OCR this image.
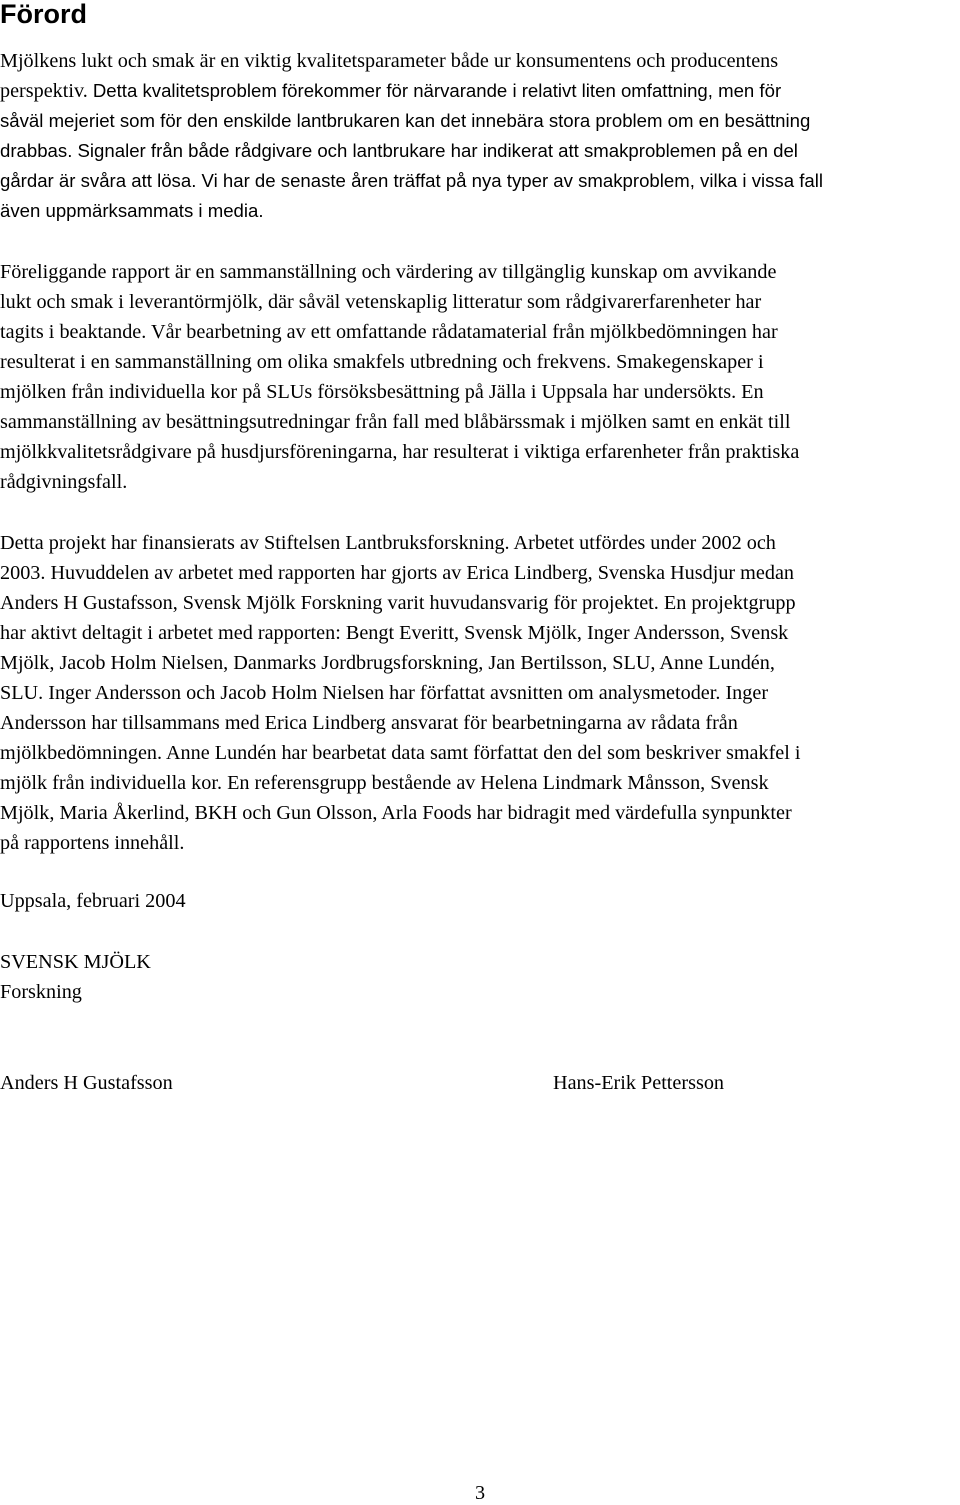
Förord
Mjölkens lukt och smak är en viktig kvalitetsparameter både ur konsumentens och producentens
perspektiv. Detta kvalitetsproblem förekommer för närvarande i relativt liten omfattning, men för
såväl mejeriet som för den enskilde lantbrukaren kan det innebära stora problem om en besättning
drabbas. Signaler från både rådgivare och lantbrukare har indikerat att smakproblemen på en del
gårdar är svåra att lösa. Vi har de senaste åren träffat på nya typer av smakproblem, vilka i vissa fall
även uppmärksammats i media.
Föreliggande rapport är en sammanställning och värdering av tillgänglig kunskap om avvikande
lukt och smak i leverantörmjölk, där såväl vetenskaplig litteratur som rådgivarerfarenheter har
tagits i beaktande. Vår bearbetning av ett omfattande rådatamaterial från mjölkbedömningen har
resulterat i en sammanställning om olika smakfels utbredning och frekvens. Smakegenskaper i
mjölken från individuella kor på SLUs försöksbesättning på Jälla i Uppsala har undersökts. En
sammanställning av besättningsutredningar från fall med blåbärssmak i mjölken samt en enkät till
mjölkkvalitetsrådgivare på husdjursföreningarna, har resulterat i viktiga erfarenheter från praktiska
rådgivningsfall.
Detta projekt har finansierats av Stiftelsen Lantbruksforskning. Arbetet utfördes under 2002 och
2003. Huvuddelen av arbetet med rapporten har gjorts av Erica Lindberg, Svenska Husdjur medan
Anders H Gustafsson, Svensk Mjölk Forskning varit huvudansvarig för projektet. En projektgrupp
har aktivt deltagit i arbetet med rapporten: Bengt Everitt, Svensk Mjölk, Inger Andersson, Svensk
Mjölk, Jacob Holm Nielsen, Danmarks Jordbrugsforskning, Jan Bertilsson, SLU, Anne Lundén,
SLU. Inger Andersson och Jacob Holm Nielsen har författat avsnitten om analysmetoder. Inger
Andersson har tillsammans med Erica Lindberg ansvarat för bearbetningarna av rådata från
mjölkbedömningen. Anne Lundén har bearbetat data samt författat den del som beskriver smakfel i
mjölk från individuella kor. En referensgrupp bestående av Helena Lindmark Månsson, Svensk
Mjölk, Maria Åkerlind, BKH och Gun Olsson, Arla Foods har bidragit med värdefulla synpunkter
på rapportens innehåll.
Uppsala, februari 2004
SVENSK MJÖLK
Forskning

Anders H Gustafsson	Hans-Erik Pettersson

3
